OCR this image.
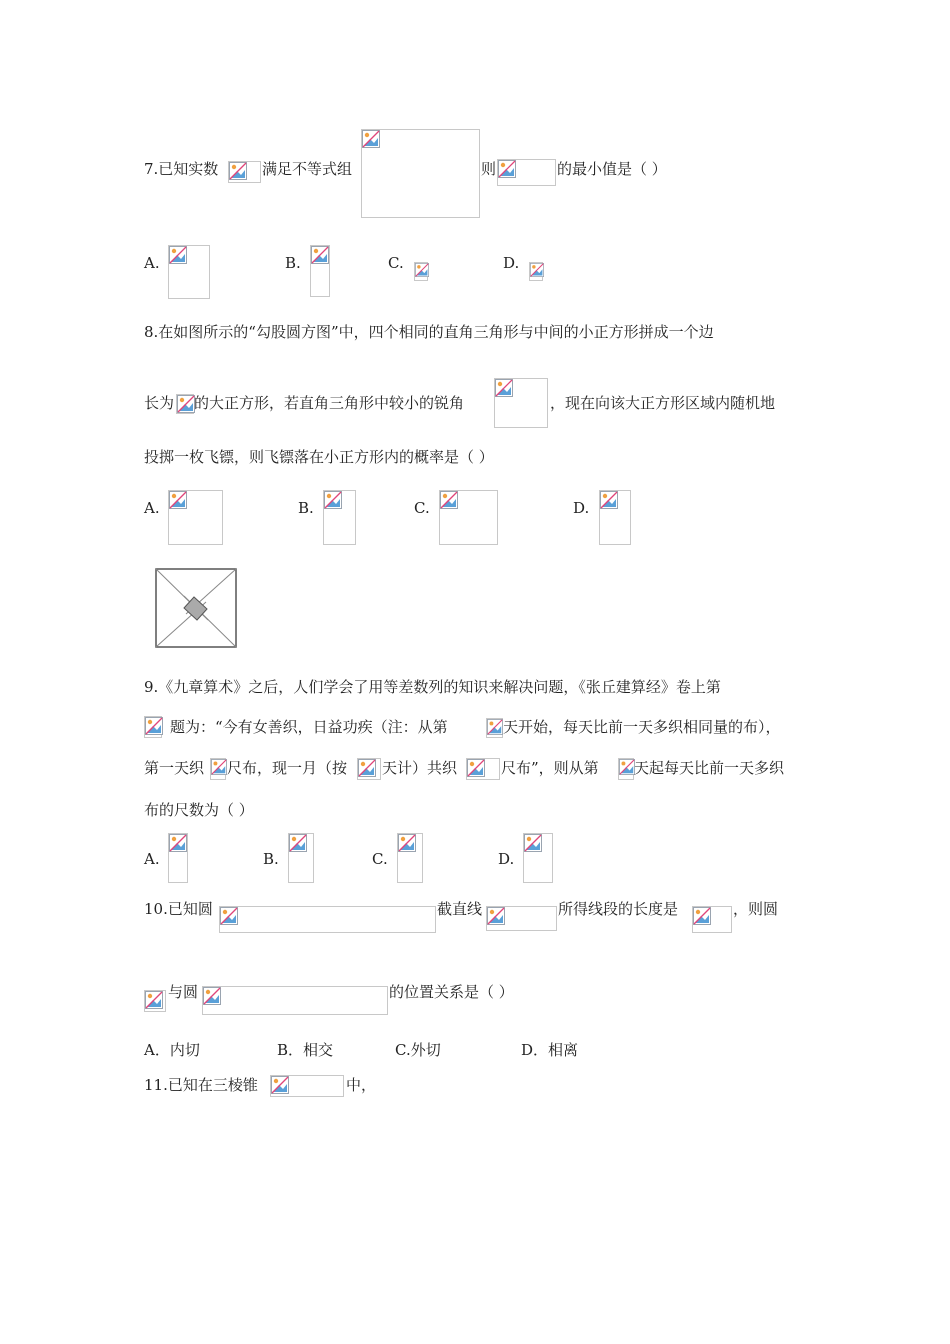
7.已知实数	满足不等式组	则	的最小值是（ ）
A.	B.	C.	D.
8.在如图所示的“勾股圆方图”中，四个相同的直角三角形与中间的小正方形拼成一个边
长为 的大正方形，若直角三角形中较小的锐角	，现在向该大正方形区域内随机地
投掷一枚飞镖，则飞镖落在小正方形内的概率是（ ）
A.	B.	C.	D.
9.《九章算术》之后，人们学会了用等差数列的知识来解决问题，《张丘建算经》卷上第
题为：“今有女善织，日益功疾（注：从第	天开始，每天比前一天多织相同量的布），
第一天织 尺布，现一月（按 天计）共织	尺布”，则从第 天起每天比前一天多织
布的尺数为（ ）
A.	B.	C.	D.
10.已知圆	截直线	所得线段的长度是	，则圆
与圆	的位置关系是（ ）
A．内切	B．相交	C.外切	D．相离
11.已知在三棱锥	中，
